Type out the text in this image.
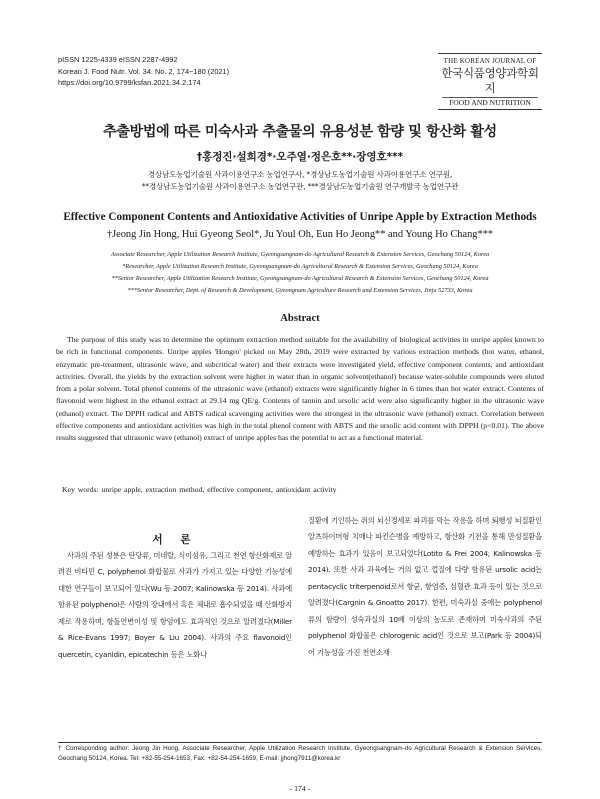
pISSN 1225-4339 eISSN 2287-4992
Korean J. Food Nutr. Vol. 34. No. 2, 174~180 (2021)
https://doi.org/10.9799/ksfan.2021.34.2.174
THE KOREAN JOURNAL OF
한국식품영양과학회지
FOOD AND NUTRITION
추출방법에 따른 미숙사과 추출물의 유용성분 함량 및 항산화 활성
†홍정진·설희경*·오주열·정은호**·장영호***
경상남도농업기술원 사과이용연구소 농업연구사, *경상남도농업기술원 사과이용연구소 연구원,
**경상남도농업기술원 사과이용연구소 농업연구관, ***경상남도농업기술원 연구개발국 농업연구관
Effective Component Contents and Antioxidative Activities of Unripe Apple by Extraction Methods
†Jeong Jin Hong, Hui Gyeong Seol*, Ju Youl Oh, Eun Ho Jeong** and Young Ho Chang***
Associate Researcher, Apple Utilization Research Institute, Gyeongsangnam-do Agricultural Research & Extension Services, Geochang 50124, Korea
*Researcher, Apple Utilization Research Institute, Gyeongsangnam-do Agricultural Research & Extension Services, Geochang 50124, Korea
**Senior Researcher, Apple Utilization Research Institute, Gyeongsangnam-do Agricultural Research & Extension Services, Geochang 50124, Korea
***Senior Researcher, Dept. of Research & Development, Gyeongnam Agriculture Research and Extension Services, Jinju 52733, Korea
Abstract

The purpose of this study was to determine the optimum extraction method suitable for the availability of biological activities in unripe apples known to be rich in functional components. Unripe apples 'Hongro' picked on May 28th, 2019 were extracted by various extraction methods (hot water, ethanol, enzymatic pre-treatment, ultrasonic wave, and subcritical water) and their extracts were investigated yield, effective component contents, and antioxidant activities. Overall, the yields by the extraction solvent were higher in water than in organic solvent(ethanol) because water-soluble compounds were eluted from a polar solvent. Total phenol contents of the ultrasonic wave (ethanol) extracts were significantly higher in 6 times than hot water extract. Contents of flavonoid were highest in the ethanol extract at 29.14 mg QE/g. Contents of tannin and ursolic acid were also significantly higher in the ultrasonic wave (ethanol) extract. The DPPH radical and ABTS radical scavenging activities were the strongest in the ultrasonic wave (ethanol) extract. Correlation between effective components and antioxidant activities was high in the total phenol content with ABTS and the ursolic acid content with DPPH (p<0.01). The above results suggested that ultrasonic wave (ethanol) extract of unripe apples has the potential to act as a functional material.

Key words: unripe apple, extraction method, effective component, antioxidant activity
서 론

사과의 주된 성분은 탄당류, 미네랄, 식이섬유, 그리고 천연 항산화제로 알려진 비타민 C, polyphenol 화합물로 사과가 가지고 있는 다양한 기능성에 대한 연구들이 보고되어 있다(Wu 등 2007; Kalinowska 등 2014). 사과에 함유된 polyphenol은 사람의 장내에서 혹은 체내로 흡수되었을 때 산화방지제로 작용하며, 항돌연변이성 및 항암에도 효과적인 것으로 알려졌다(Miller & Rice-Evans 1997; Boyer & Liu 2004). 사과의 주요 flavonoid인 quercetin, cyanidin, epicatechin 등은 노화나

질환에 기인하는 쥐의 뇌신경세포 파괴를 막는 작용을 하며 퇴행성 뇌질환인 알츠하이머형 치매나 파킨슨병을 예방하고, 항산화 기전을 통해 만성질환을 예방하는 효과가 있음이 보고되었다(Lotito & Frei 2004; Kalinowska 등 2014). 또한 사과 과육에는 거의 없고 껍질에 다량 함유된 ursolic acid는 pentacyclic triterpenoid로서 항균, 항염증, 심혈관 효과 등이 있는 것으로 알려졌다(Cargnin & Gnoatto 2017). 한편, 미숙과실 중에는 polyphenol류의 함량이 성숙과실의 10배 이상의 농도로 존재하며 미숙사과의 주된 polyphenol 화합물은 chlorogenic acid인 것으로 보고(Park 등 2004)되어 기능성을 가진 천연소재

† Corresponding author: Jeong Jin Hong, Associate Researcher, Apple Utilization Research Institute, Gyeongsangnam-do Agricultural Research & Extension Services, Geochang 50124, Korea. Tel: +82-55-254-1653, Fax: +82-54-254-1659, E-mail: jjhong7911@korea.kr
- 174 -
